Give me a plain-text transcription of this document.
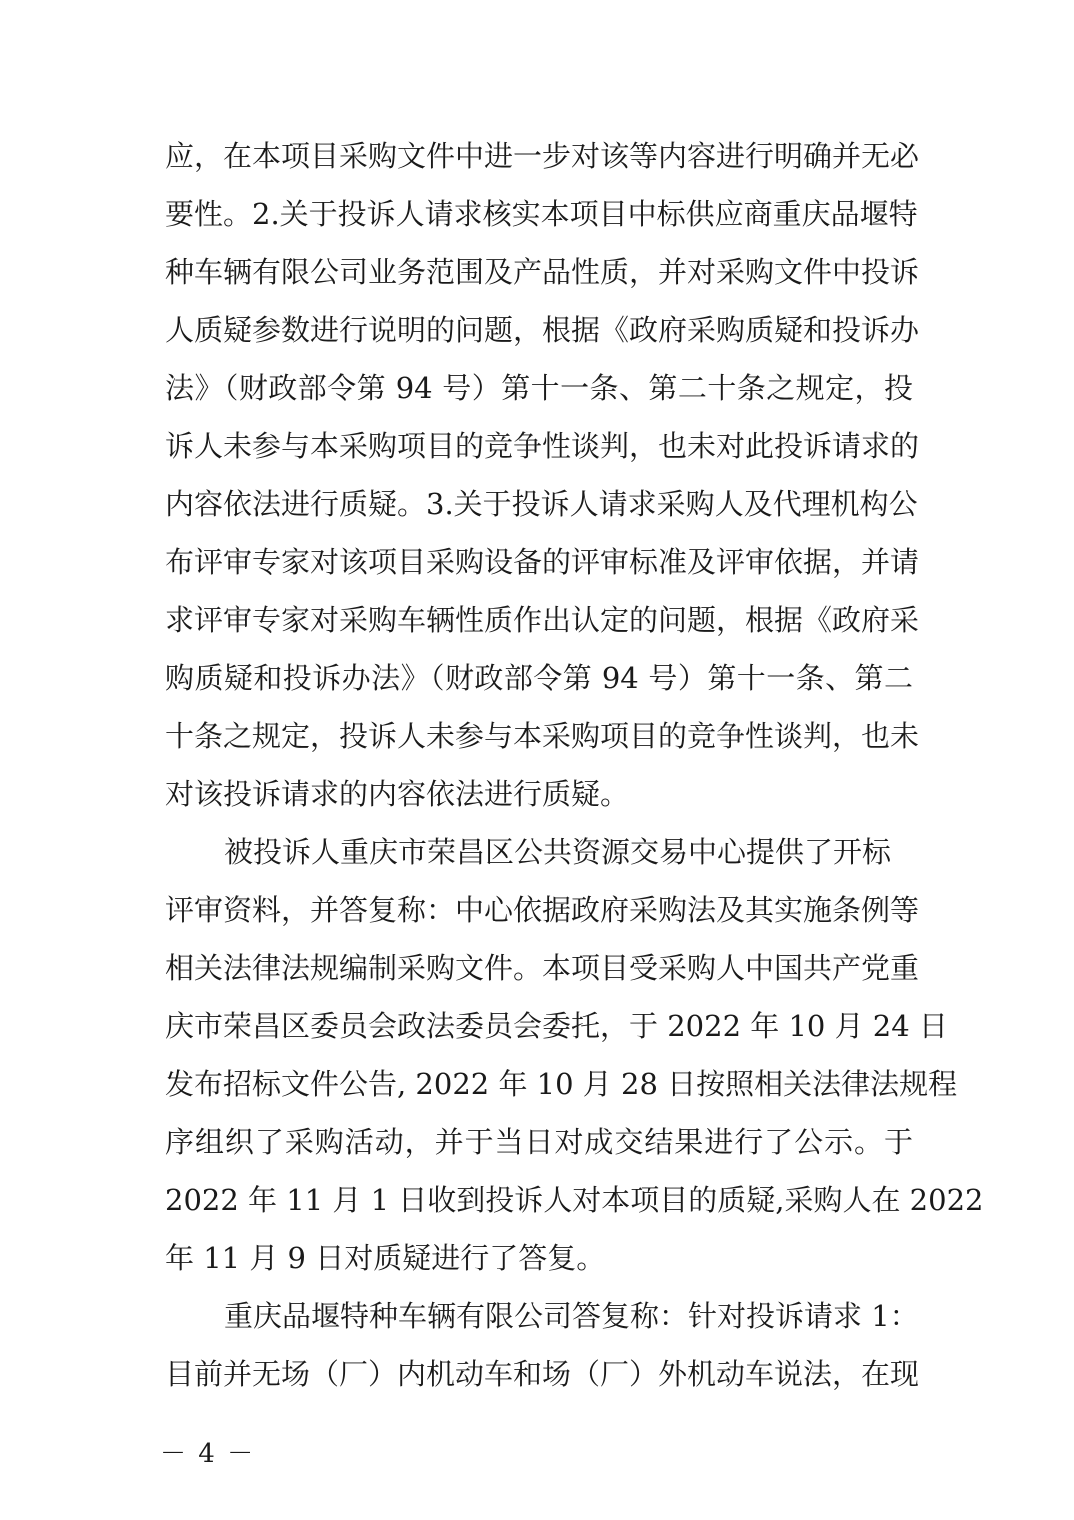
应，在本项目采购文件中进一步对该等内容进行明确并无必
要性。2.关于投诉人请求核实本项目中标供应商重庆品堰特
种车辆有限公司业务范围及产品性质，并对采购文件中投诉
人质疑参数进行说明的问题，根据《政府采购质疑和投诉办
法》（财政部令第 94 号）第十一条、第二十条之规定，投
诉人未参与本采购项目的竞争性谈判，也未对此投诉请求的
内容依法进行质疑。3.关于投诉人请求采购人及代理机构公
布评审专家对该项目采购设备的评审标准及评审依据，并请
求评审专家对采购车辆性质作出认定的问题，根据《政府采
购质疑和投诉办法》（财政部令第 94 号）第十一条、第二
十条之规定，投诉人未参与本采购项目的竞争性谈判，也未
对该投诉请求的内容依法进行质疑。
被投诉人重庆市荣昌区公共资源交易中心提供了开标
评审资料，并答复称：中心依据政府采购法及其实施条例等
相关法律法规编制采购文件。本项目受采购人中国共产党重
庆市荣昌区委员会政法委员会委托，于 2022 年 10 月 24 日
发布招标文件公告, 2022 年 10 月 28 日按照相关法律法规程
序组织了采购活动，并于当日对成交结果进行了公示。于
2022 年 11 月 1 日收到投诉人对本项目的质疑,采购人在 2022
年 11 月 9 日对质疑进行了答复。
重庆品堰特种车辆有限公司答复称：针对投诉请求 1：
目前并无场（厂）内机动车和场（厂）外机动车说法，在现
－ 4 －
